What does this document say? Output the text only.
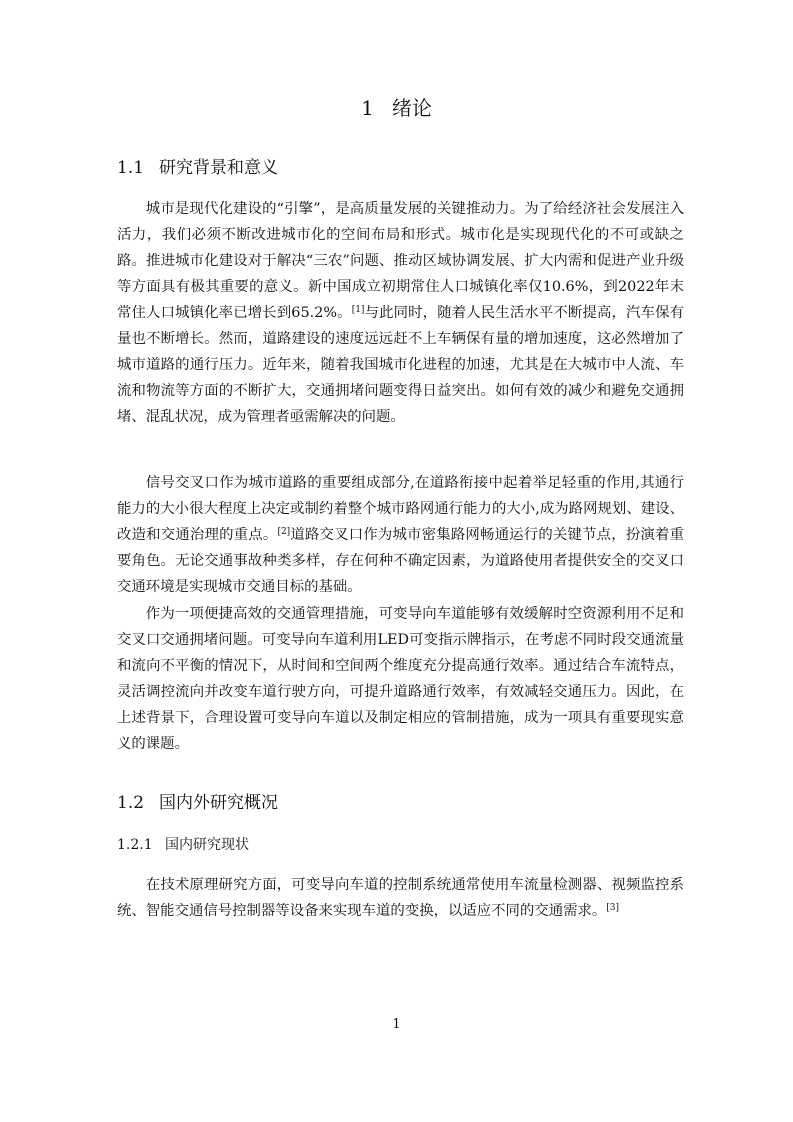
1 绪论
1.1 研究背景和意义

城市是现代化建设的“引擎”，是高质量发展的关键推动力。为了给经济社会发展注入活力，我们必须不断改进城市化的空间布局和形式。城市化是实现现代化的不可或缺之路。推进城市化建设对于解决“三农”问题、推动区域协调发展、扩大内需和促进产业升级等方面具有极其重要的意义。新中国成立初期常住人口城镇化率仅10.6%，到2022年末常住人口城镇化率已增长到65.2%。[1]与此同时，随着人民生活水平不断提高，汽车保有量也不断增长。然而，道路建设的速度远远赶不上车辆保有量的增加速度，这必然增加了城市道路的通行压力。近年来，随着我国城市化进程的加速，尤其是在大城市中人流、车流和物流等方面的不断扩大，交通拥堵问题变得日益突出。如何有效的减少和避免交通拥堵、混乱状况，成为管理者亟需解决的问题。

信号交叉口作为城市道路的重要组成部分,在道路衔接中起着举足轻重的作用,其通行能力的大小很大程度上决定或制约着整个城市路网通行能力的大小,成为路网规划、建设、改造和交通治理的重点。[2]道路交叉口作为城市密集路网畅通运行的关键节点，扮演着重要角色。无论交通事故种类多样，存在何种不确定因素，为道路使用者提供安全的交叉口交通环境是实现城市交通目标的基础。

作为一项便捷高效的交通管理措施，可变导向车道能够有效缓解时空资源利用不足和交叉口交通拥堵问题。可变导向车道利用LED可变指示牌指示，在考虑不同时段交通流量和流向不平衡的情况下，从时间和空间两个维度充分提高通行效率。通过结合车流特点，灵活调控流向并改变车道行驶方向，可提升道路通行效率，有效减轻交通压力。因此，在上述背景下，合理设置可变导向车道以及制定相应的管制措施，成为一项具有重要现实意义的课题。

1.2 国内外研究概况
1.2.1 国内研究现状

在技术原理研究方面，可变导向车道的控制系统通常使用车流量检测器、视频监控系统、智能交通信号控制器等设备来实现车道的变换，以适应不同的交通需求。[3]

1
